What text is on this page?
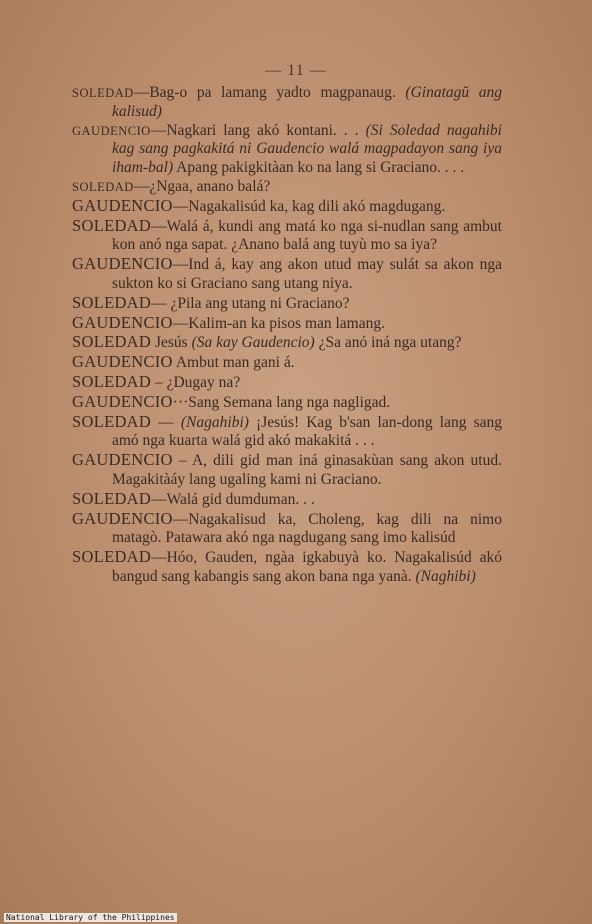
— 11 —

SOLEDAD—Bag-o pa lamang yadto magpanaug. (Ginatagŭ ang kalisud)

GAUDENCIO—Nagkari lang akó kontani. . . (Si Soledad nagahibi kag sang pagkakitá ni Gaudencio walá magpadayon sang iya iham-bal) Apang pakigkitàan ko na lang si Graciano. . . .

SOLEDAD—¿Ngaa, anano balá?

GAUDENCIO—Nagakalisúd ka, kag dili akó magdugang.

SOLEDAD—Walá á, kundi ang matá ko nga si-nudlan sang ambut kon anó nga sapat. ¿Anano balá ang tuyù mo sa iya?

GAUDENCIO—Ind á, kay ang akon utud may sulát sa akon nga sukton ko si Graciano sang utang niya.

SOLEDAD— ¿Pila ang utang ni Graciano?

GAUDENCIO—Kalim-an ka pisos man lamang.

SOLEDAD Jesús (Sa kay Gaudencio) ¿Sa anó iná nga utang?

GAUDENCIO Ambut man gani á.

SOLEDAD – ¿Dugay na?

GAUDENCIO···Sang Semana lang nga nagligad.

SOLEDAD — (Nagahibi) ¡Jesús! Kag b'san lan-dong lang sang amó nga kuarta walá gid akó makakitá . . .

GAUDENCIO – A, dili gid man iná ginasakùan sang akon utud. Magakitàáy lang ugaling kami ni Graciano.

SOLEDAD—Walá gid dumduman. . .

GAUDENCIO—Nagakalisud ka, Choleng, kag dili na nimo matagò. Patawara akó nga nagdugang sang imo kalisúd

SOLEDAD—Hóo, Gauden, ngàa igkabuyà ko. Nagakalisúd akó bangud sang kabangis sang akon bana nga yanà. (Naghibi)

National Library of the Philippines
